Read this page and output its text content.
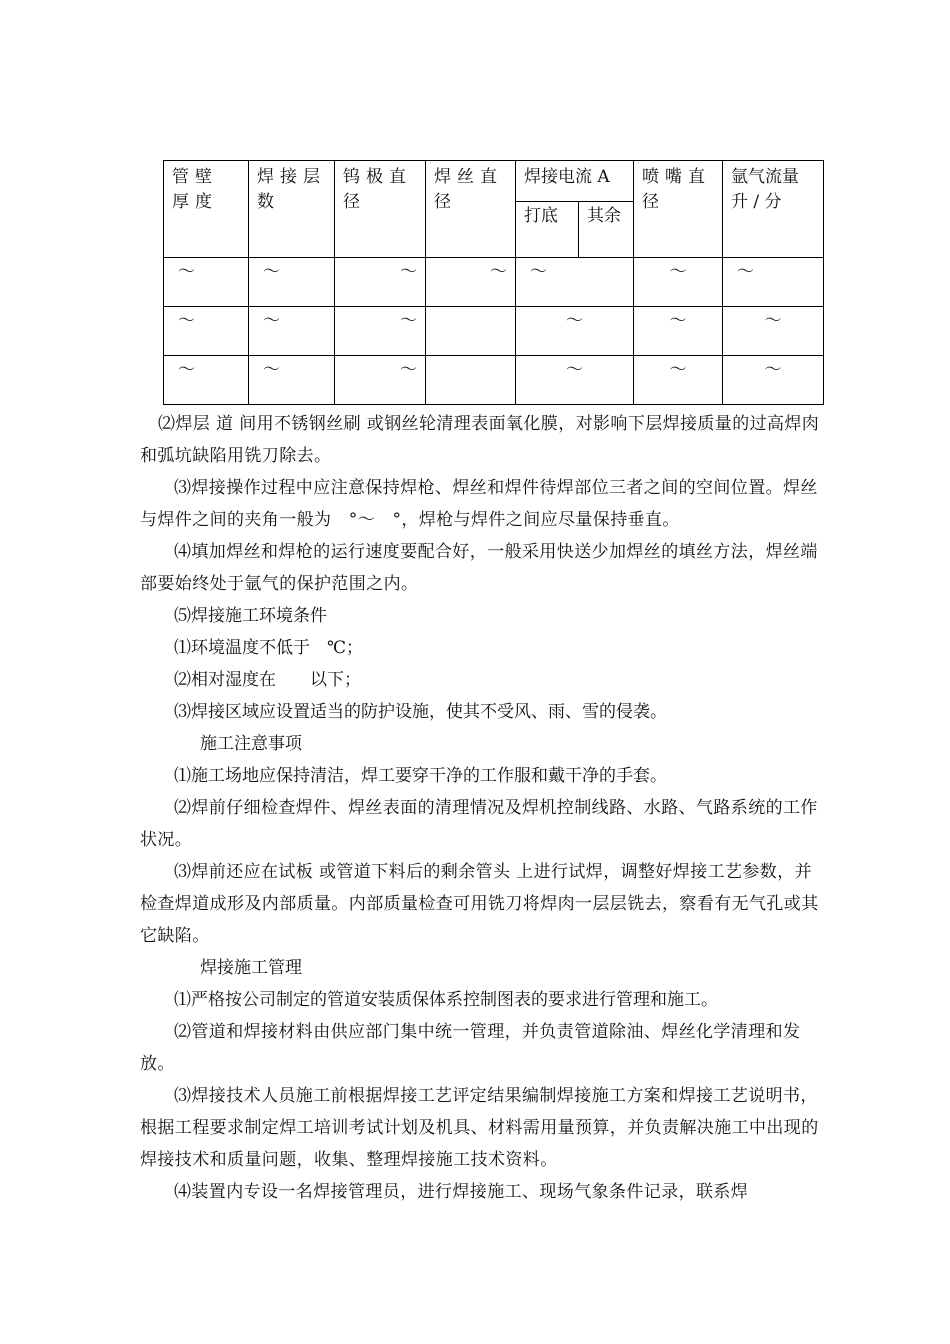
管壁厚度	焊接层数	钨极直径	焊丝直径	焊接电流 A		喷嘴直径	氩气流量升 / 分
				打底	其余		
～	～	～	～	～		～	～
～	～	～		～		～	～
～	～	～		～		～	～

⑵焊层 道 间用不锈钢丝刷 或钢丝轮清理表面氧化膜，对影响下层焊接质量的过高焊肉和弧坑缺陷用铣刀除去。

⑶焊接操作过程中应注意保持焊枪、焊丝和焊件待焊部位三者之间的空间位置。焊丝与焊件之间的夹角一般为　°～　°，焊枪与焊件之间应尽量保持垂直。

⑷填加焊丝和焊枪的运行速度要配合好，一般采用快送少加焊丝的填丝方法，焊丝端部要始终处于氩气的保护范围之内。

⑸焊接施工环境条件

⑴环境温度不低于　℃；

⑵相对湿度在　　以下；

⑶焊接区域应设置适当的防护设施，使其不受风、雨、雪的侵袭。

施工注意事项

⑴施工场地应保持清洁，焊工要穿干净的工作服和戴干净的手套。

⑵焊前仔细检查焊件、焊丝表面的清理情况及焊机控制线路、水路、气路系统的工作状况。

⑶焊前还应在试板 或管道下料后的剩余管头 上进行试焊，调整好焊接工艺参数，并检查焊道成形及内部质量。内部质量检查可用铣刀将焊肉一层层铣去，察看有无气孔或其它缺陷。

焊接施工管理

⑴严格按公司制定的管道安装质保体系控制图表的要求进行管理和施工。

⑵管道和焊接材料由供应部门集中统一管理，并负责管道除油、焊丝化学清理和发放。

⑶焊接技术人员施工前根据焊接工艺评定结果编制焊接施工方案和焊接工艺说明书，根据工程要求制定焊工培训考试计划及机具、材料需用量预算，并负责解决施工中出现的焊接技术和质量问题，收集、整理焊接施工技术资料。

⑷装置内专设一名焊接管理员，进行焊接施工、现场气象条件记录，联系焊
